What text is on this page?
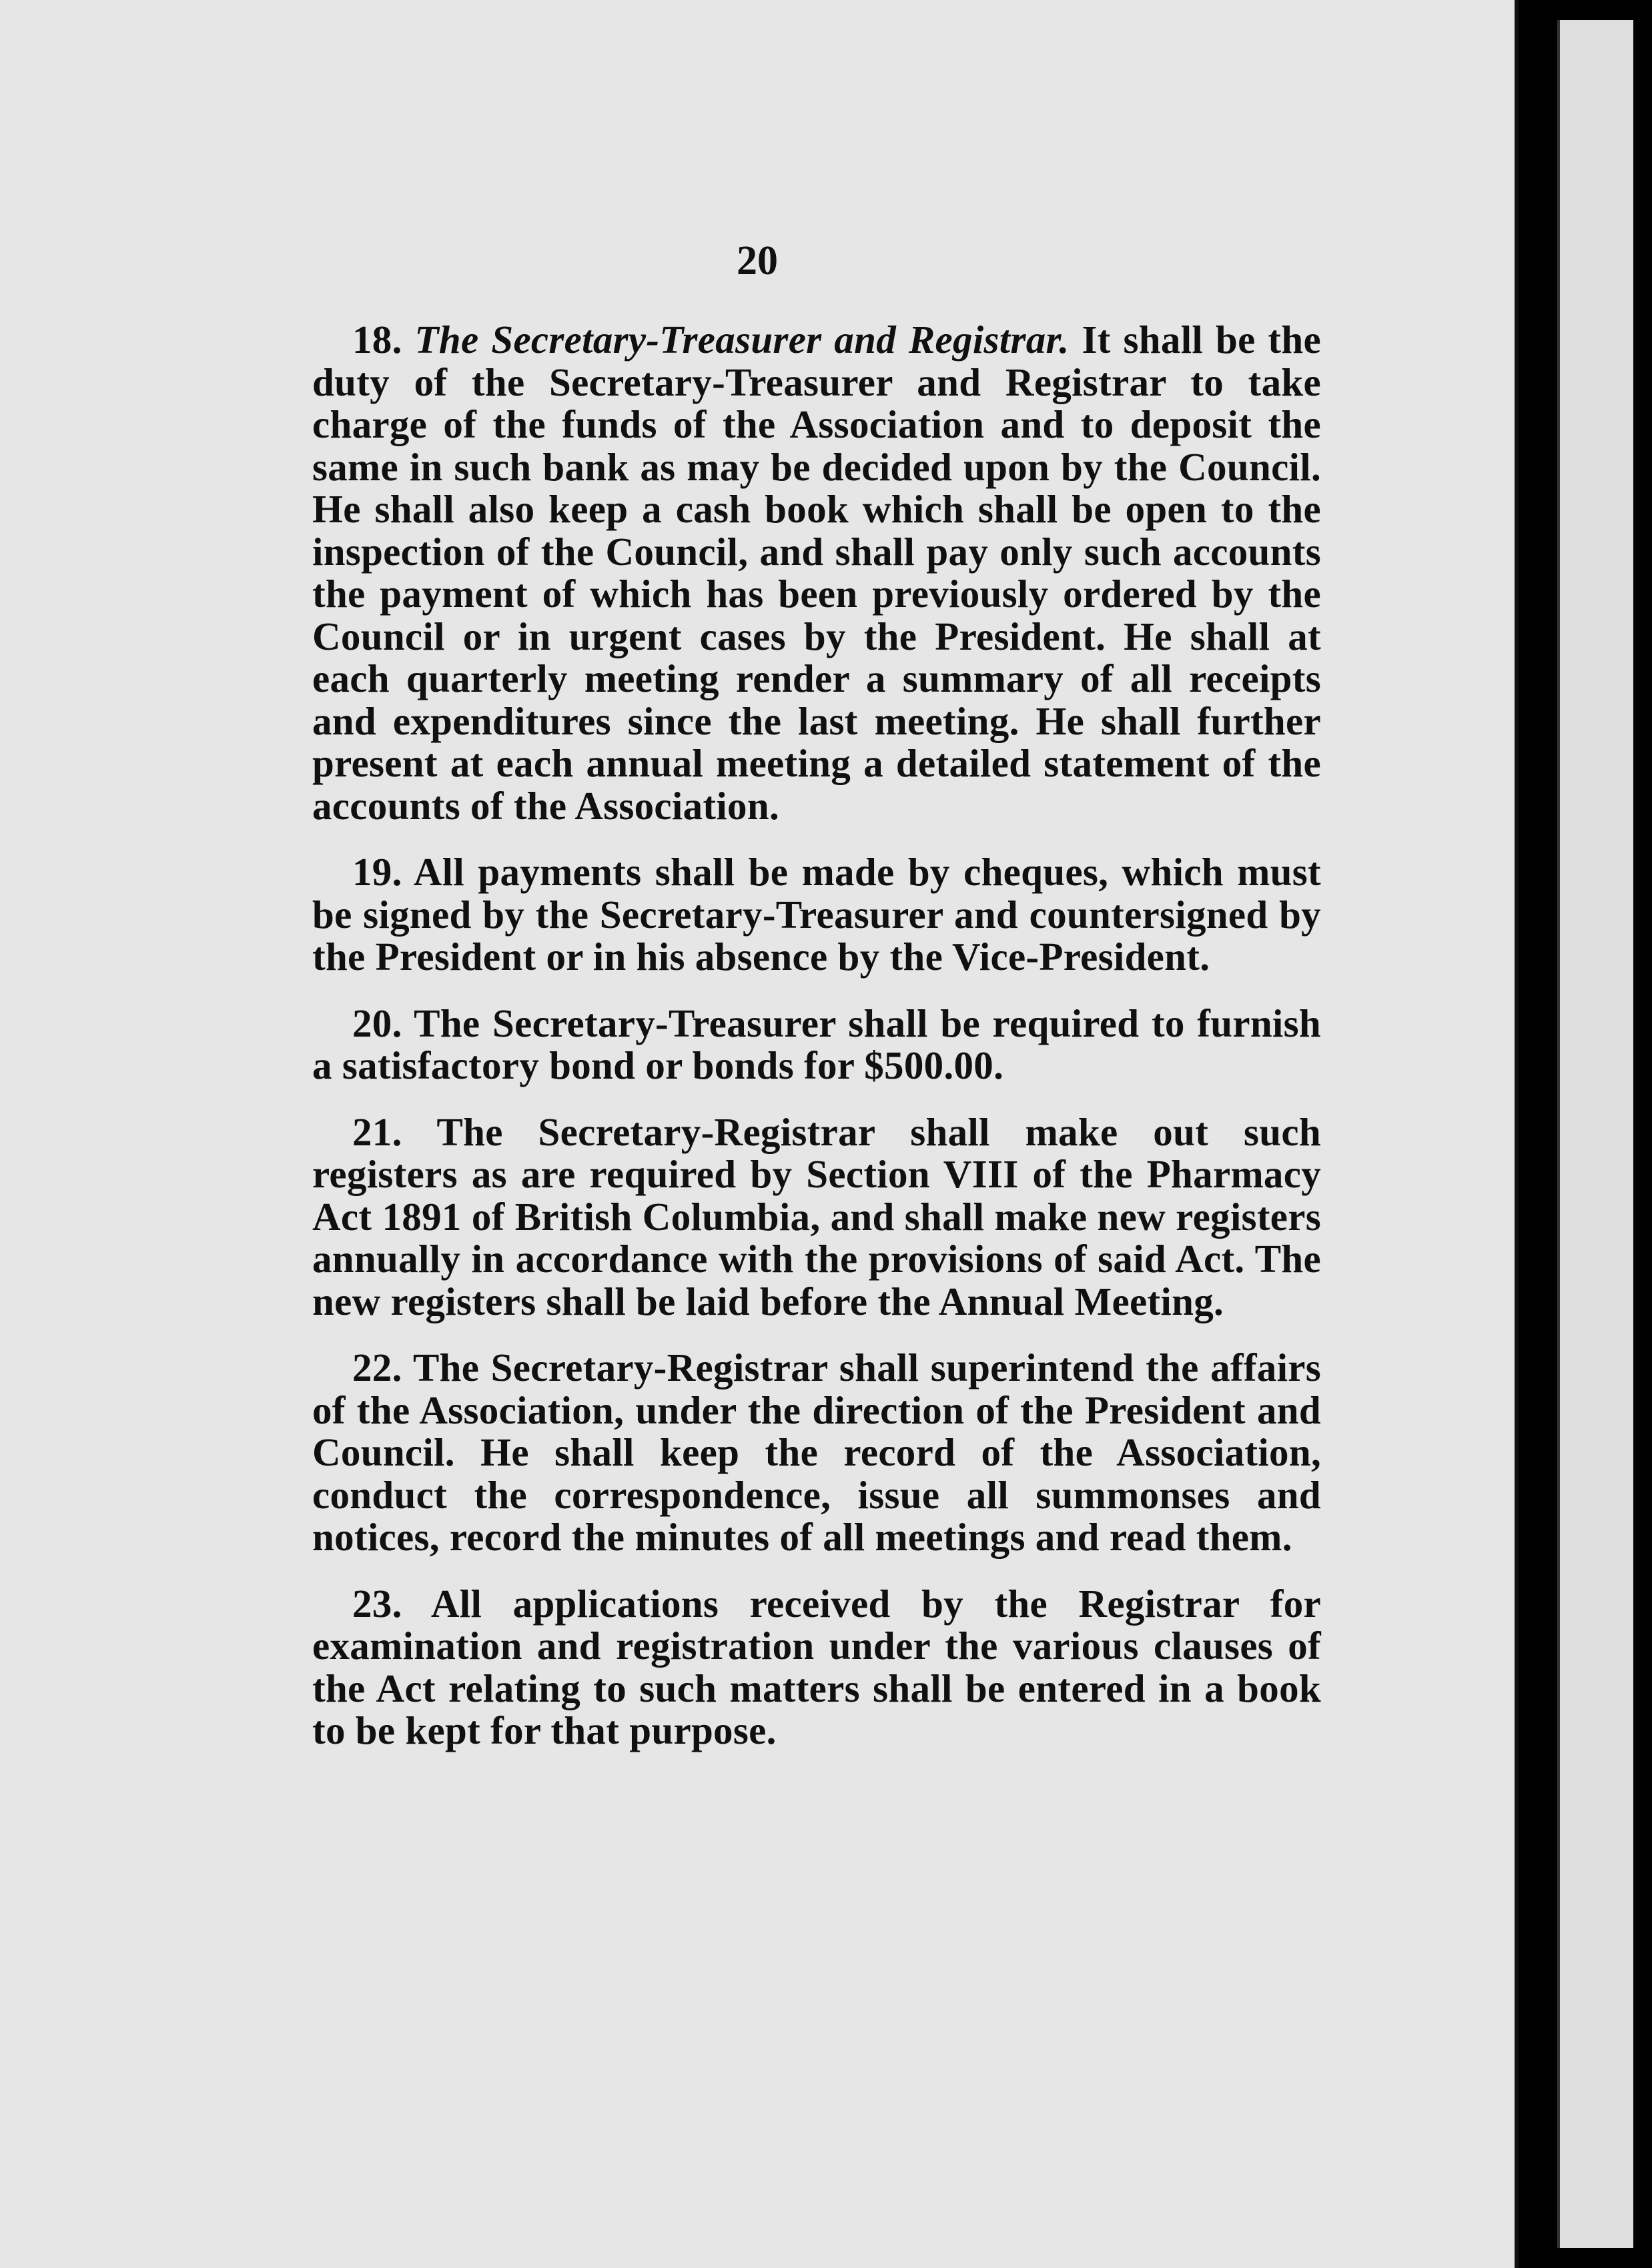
20

18. The Secretary-Treasurer and Registrar. It shall be the duty of the Secretary-Treasurer and Registrar to take charge of the funds of the Association and to deposit the same in such bank as may be decided upon by the Council. He shall also keep a cash book which shall be open to the inspection of the Council, and shall pay only such accounts the payment of which has been previously ordered by the Council or in urgent cases by the President. He shall at each quarterly meeting render a summary of all receipts and expenditures since the last meeting. He shall further present at each annual meeting a detailed statement of the accounts of the Association.

19. All payments shall be made by cheques, which must be signed by the Secretary-Treasurer and countersigned by the President or in his absence by the Vice-President.

20. The Secretary-Treasurer shall be required to furnish a satisfactory bond or bonds for $500.00.

21. The Secretary-Registrar shall make out such registers as are required by Section VIII of the Pharmacy Act 1891 of British Columbia, and shall make new registers annually in accordance with the provisions of said Act. The new registers shall be laid before the Annual Meeting.

22. The Secretary-Registrar shall superintend the affairs of the Association, under the direction of the President and Council. He shall keep the record of the Association, conduct the correspondence, issue all summonses and notices, record the minutes of all meetings and read them.

23. All applications received by the Registrar for examination and registration under the various clauses of the Act relating to such matters shall be entered in a book to be kept for that purpose.
